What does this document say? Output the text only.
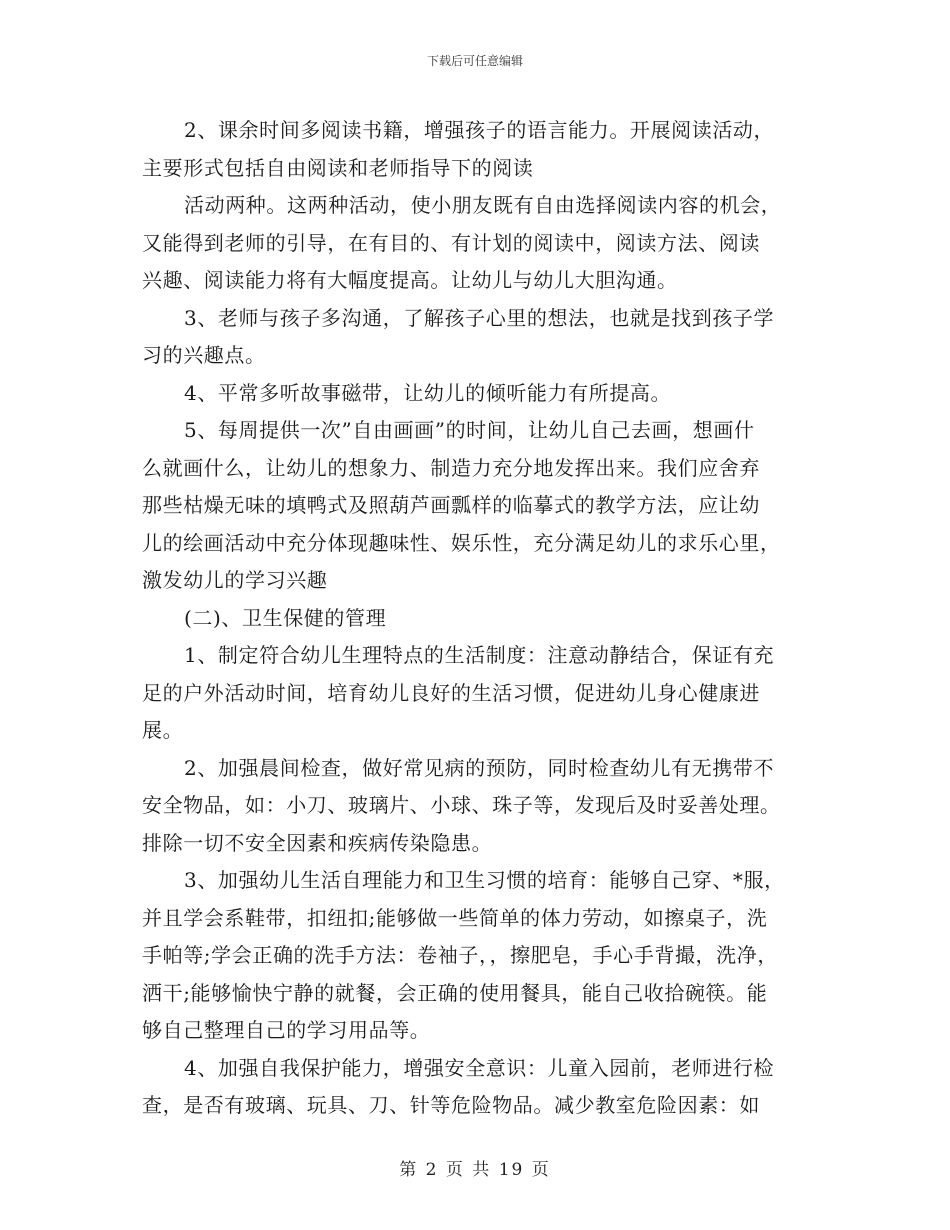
下载后可任意编辑
2、课余时间多阅读书籍，增强孩子的语言能力。开展阅读活动，
主要形式包括自由阅读和老师指导下的阅读
活动两种。这两种活动，使小朋友既有自由选择阅读内容的机会，
又能得到老师的引导，在有目的、有计划的阅读中，阅读方法、阅读
兴趣、阅读能力将有大幅度提高。让幼儿与幼儿大胆沟通。
3、老师与孩子多沟通，了解孩子心里的想法，也就是找到孩子学
习的兴趣点。
4、平常多听故事磁带，让幼儿的倾听能力有所提高。
5、每周提供一次”自由画画”的时间，让幼儿自己去画，想画什
么就画什么，让幼儿的想象力、制造力充分地发挥出来。我们应舍弃
那些枯燥无味的填鸭式及照葫芦画瓢样的临摹式的教学方法，应让幼
儿的绘画活动中充分体现趣味性、娱乐性，充分满足幼儿的求乐心里，
激发幼儿的学习兴趣
(二)、卫生保健的管理
1、制定符合幼儿生理特点的生活制度：注意动静结合，保证有充
足的户外活动时间，培育幼儿良好的生活习惯，促进幼儿身心健康进
展。
2、加强晨间检查，做好常见病的预防，同时检查幼儿有无携带不
安全物品，如：小刀、玻璃片、小球、珠子等，发现后及时妥善处理。
排除一切不安全因素和疾病传染隐患。
3、加强幼儿生活自理能力和卫生习惯的培育：能够自己穿、*服，
并且学会系鞋带，扣纽扣;能够做一些简单的体力劳动，如擦桌子，洗
手帕等;学会正确的洗手方法：卷袖子，，擦肥皂，手心手背撮，洗净，
洒干;能够愉快宁静的就餐，会正确的使用餐具，能自己收拾碗筷。能
够自己整理自己的学习用品等。
4、加强自我保护能力，增强安全意识：儿童入园前，老师进行检
查，是否有玻璃、玩具、刀、针等危险物品。减少教室危险因素：如
第 2 页 共 19 页
